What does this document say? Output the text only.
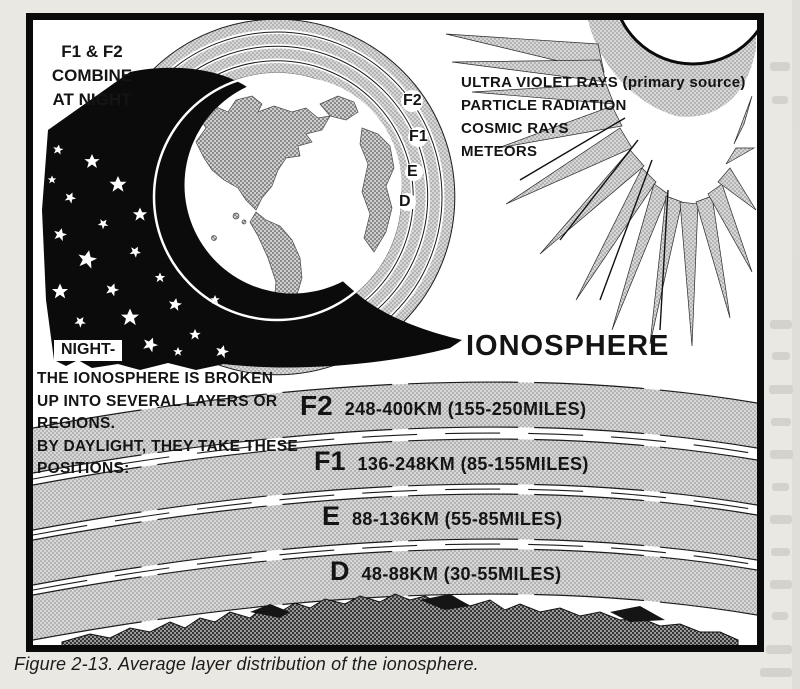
F1 & F2
COMBINE
AT NIGHT
ULTRA VIOLET RAYS (primary source)
PARTICLE RADIATION
COSMIC RAYS
METEORS
F2
F1
E
D
IONOSPHERE
NIGHT-
THE IONOSPHERE IS BROKEN
UP INTO SEVERAL LAYERS OR
REGIONS.
BY DAYLIGHT, THEY TAKE THESE
POSITIONS:
F2 248-400KM (155-250MILES)
F1 136-248KM (85-155MILES)
E 88-136KM (55-85MILES)
D 48-88KM (30-55MILES)
Figure 2-13. Average layer distribution of the ionosphere.
